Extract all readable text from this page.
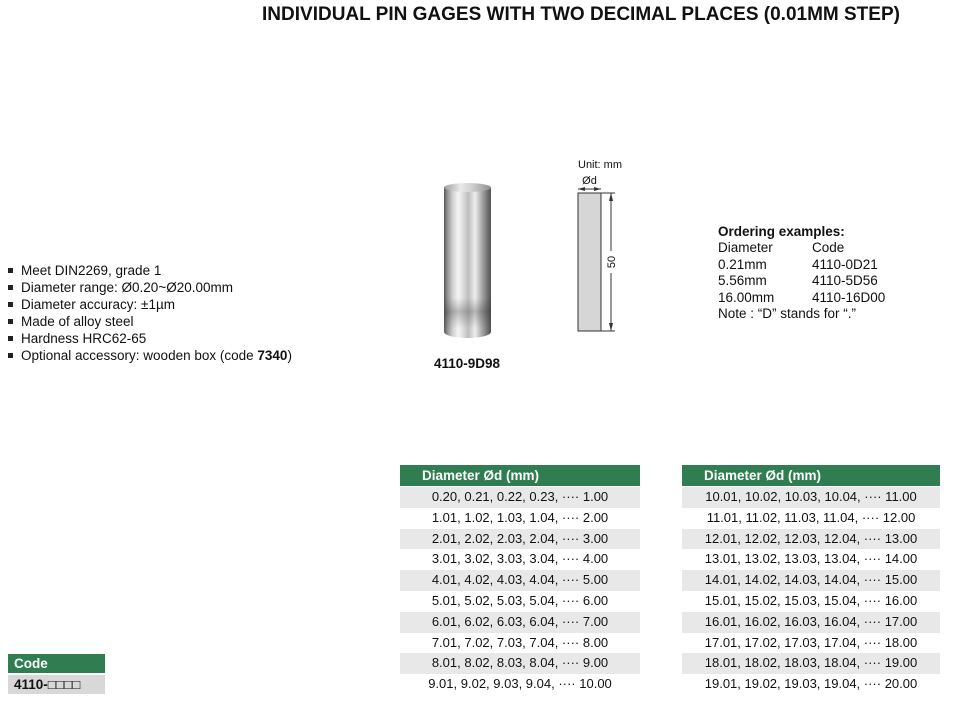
INDIVIDUAL PIN GAGES WITH TWO DECIMAL PLACES (0.01MM STEP)
Meet DIN2269, grade 1
Diameter range: Ø0.20~Ø20.00mm
Diameter accuracy: ±1µm
Made of alloy steel
Hardness HRC62-65
Optional accessory: wooden box (code 7340 )
4110-9D98
Unit: mm
Ød
50
Ordering examples:
Diameter	Code
0.21mm	4110-0D21
5.56mm	4110-5D56
16.00mm	4110-16D00
Note : “D” stands for “.”
Code
4110-□□□□
Diameter Ød (mm)
0.20, 0.21, 0.22, 0.23, ···· 1.00
1.01, 1.02, 1.03, 1.04, ···· 2.00
2.01, 2.02, 2.03, 2.04, ···· 3.00
3.01, 3.02, 3.03, 3.04, ···· 4.00
4.01, 4.02, 4.03, 4.04, ···· 5.00
5.01, 5.02, 5.03, 5.04, ···· 6.00
6.01, 6.02, 6.03, 6.04, ···· 7.00
7.01, 7.02, 7.03, 7.04, ···· 8.00
8.01, 8.02, 8.03, 8.04, ···· 9.00
9.01, 9.02, 9.03, 9.04, ···· 10.00
Diameter Ød (mm)
10.01, 10.02, 10.03, 10.04, ···· 11.00
11.01, 11.02, 11.03, 11.04, ···· 12.00
12.01, 12.02, 12.03, 12.04, ···· 13.00
13.01, 13.02, 13.03, 13.04, ···· 14.00
14.01, 14.02, 14.03, 14.04, ···· 15.00
15.01, 15.02, 15.03, 15.04, ···· 16.00
16.01, 16.02, 16.03, 16.04, ···· 17.00
17.01, 17.02, 17.03, 17.04, ···· 18.00
18.01, 18.02, 18.03, 18.04, ···· 19.00
19.01, 19.02, 19.03, 19.04, ···· 20.00
